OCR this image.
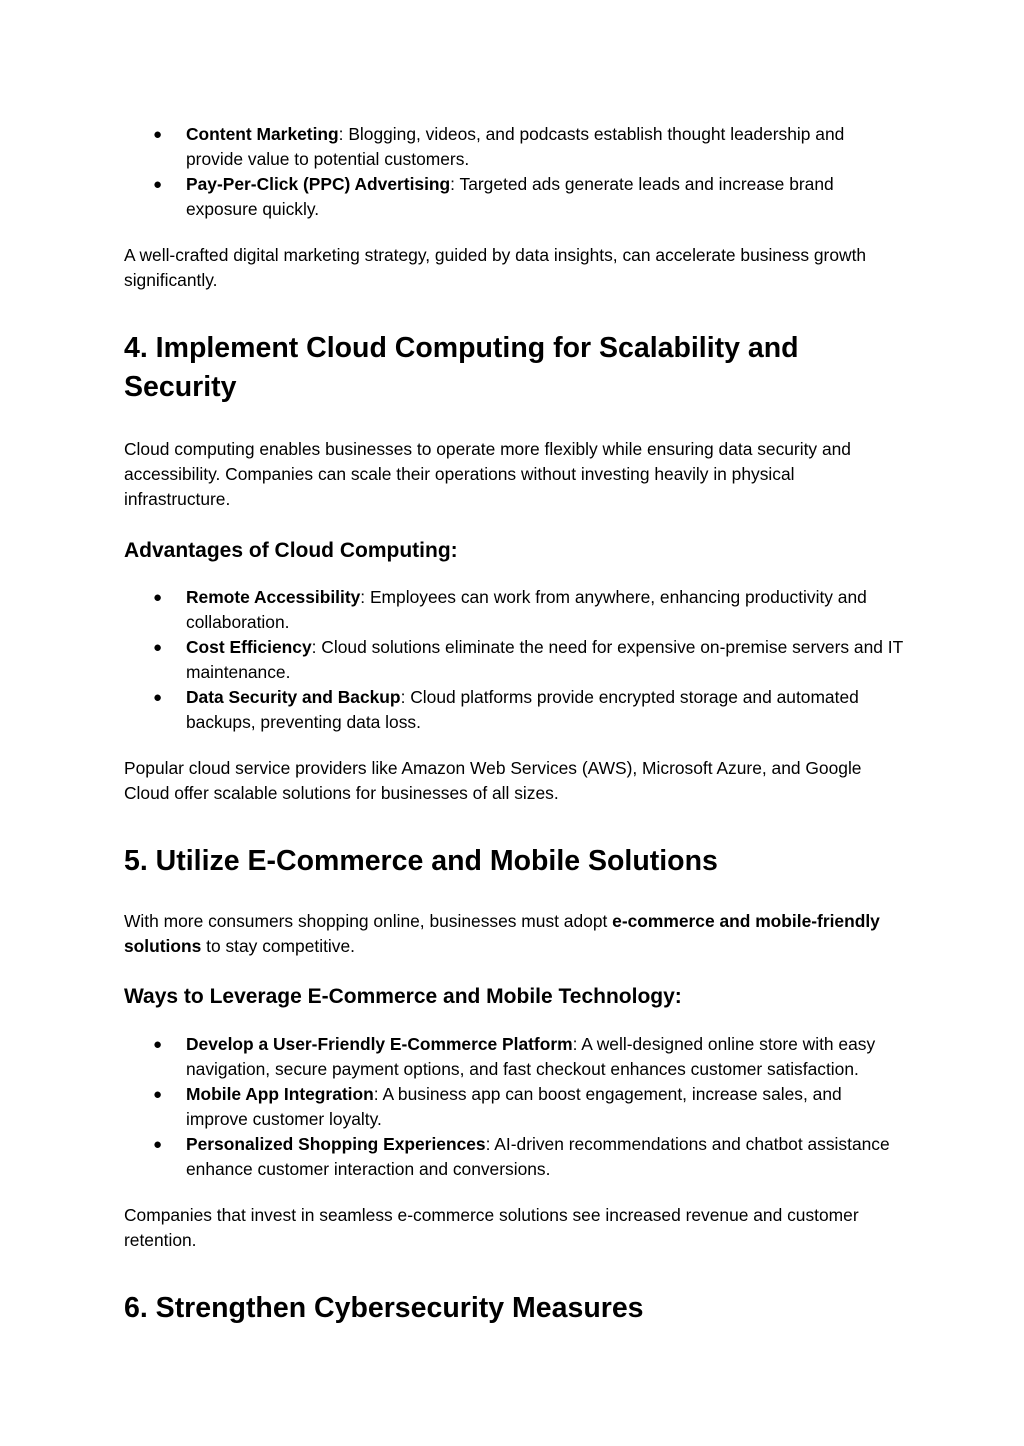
● Content Marketing: Blogging, videos, and podcasts establish thought leadership and provide value to potential customers.
● Pay-Per-Click (PPC) Advertising: Targeted ads generate leads and increase brand exposure quickly.

A well-crafted digital marketing strategy, guided by data insights, can accelerate business growth significantly.

4. Implement Cloud Computing for Scalability and Security

Cloud computing enables businesses to operate more flexibly while ensuring data security and accessibility. Companies can scale their operations without investing heavily in physical infrastructure.

Advantages of Cloud Computing:
● Remote Accessibility: Employees can work from anywhere, enhancing productivity and collaboration.
● Cost Efficiency: Cloud solutions eliminate the need for expensive on-premise servers and IT maintenance.
● Data Security and Backup: Cloud platforms provide encrypted storage and automated backups, preventing data loss.

Popular cloud service providers like Amazon Web Services (AWS), Microsoft Azure, and Google Cloud offer scalable solutions for businesses of all sizes.

5. Utilize E-Commerce and Mobile Solutions

With more consumers shopping online, businesses must adopt e-commerce and mobile-friendly solutions to stay competitive.

Ways to Leverage E-Commerce and Mobile Technology:
● Develop a User-Friendly E-Commerce Platform: A well-designed online store with easy navigation, secure payment options, and fast checkout enhances customer satisfaction.
● Mobile App Integration: A business app can boost engagement, increase sales, and improve customer loyalty.
● Personalized Shopping Experiences: AI-driven recommendations and chatbot assistance enhance customer interaction and conversions.

Companies that invest in seamless e-commerce solutions see increased revenue and customer retention.

6. Strengthen Cybersecurity Measures
